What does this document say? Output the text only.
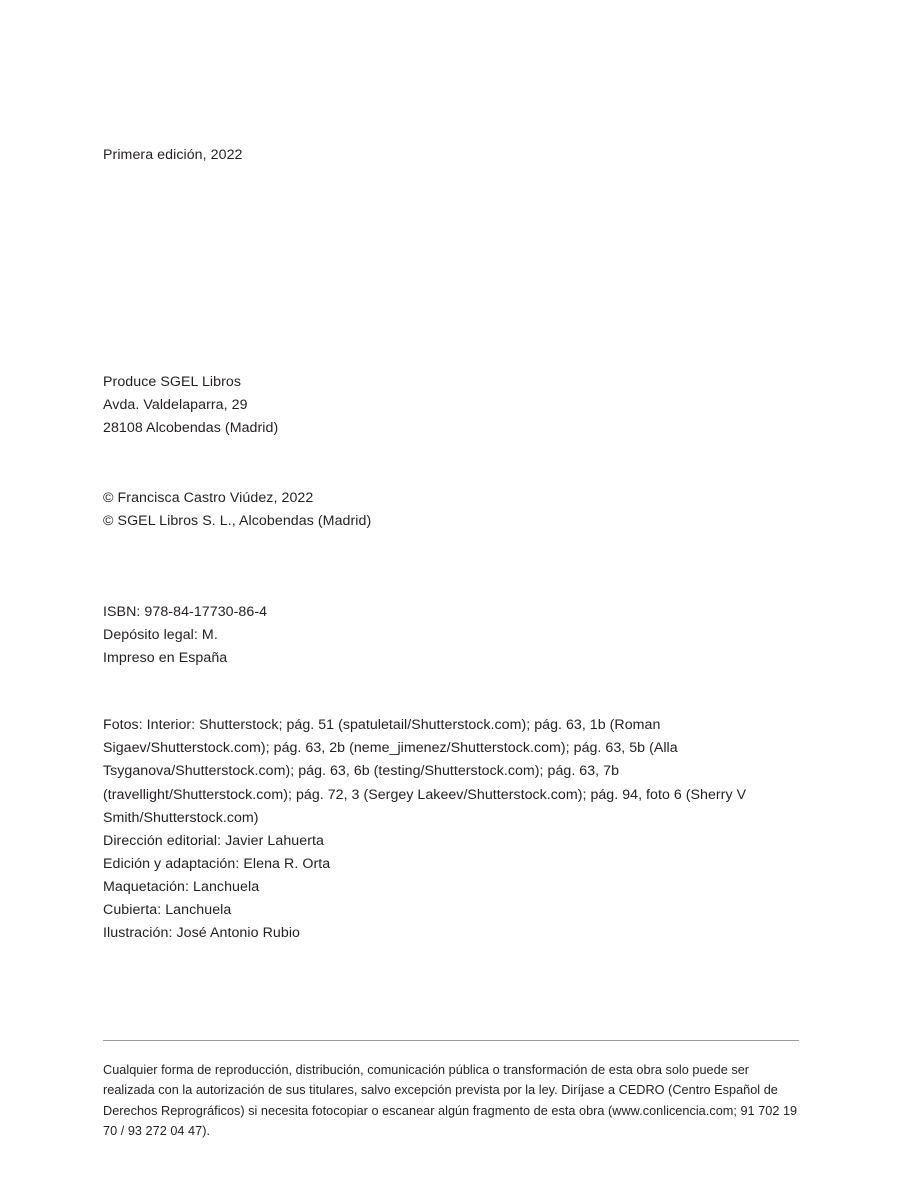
Primera edición, 2022
Produce SGEL Libros
Avda. Valdelaparra, 29
28108 Alcobendas (Madrid)
© Francisca Castro Viúdez, 2022
© SGEL Libros S. L., Alcobendas (Madrid)
ISBN: 978-84-17730-86-4
Depósito legal: M.
Impreso en España

Fotos: Interior: Shutterstock; pág. 51 (spatuletail/Shutterstock.com); pág. 63, 1b (Roman Sigaev/Shutterstock.com); pág. 63, 2b (neme_jimenez/Shutterstock.com); pág. 63, 5b (Alla Tsyganova/Shutterstock.com); pág. 63, 6b (testing/Shutterstock.com); pág. 63, 7b (travellight/Shutterstock.com); pág. 72, 3 (Sergey Lakeev/Shutterstock.com); pág. 94, foto 6 (Sherry V Smith/Shutterstock.com)

Dirección editorial: Javier Lahuerta
Edición y adaptación: Elena R. Orta
Maquetación: Lanchuela
Cubierta: Lanchuela
Ilustración: José Antonio Rubio

Cualquier forma de reproducción, distribución, comunicación pública o transformación de esta obra solo puede ser realizada con la autorización de sus titulares, salvo excepción prevista por la ley. Diríjase a CEDRO (Centro Español de Derechos Reprográficos) si necesita fotocopiar o escanear algún fragmento de esta obra (www.conlicencia.com; 91 702 19 70 / 93 272 04 47).
